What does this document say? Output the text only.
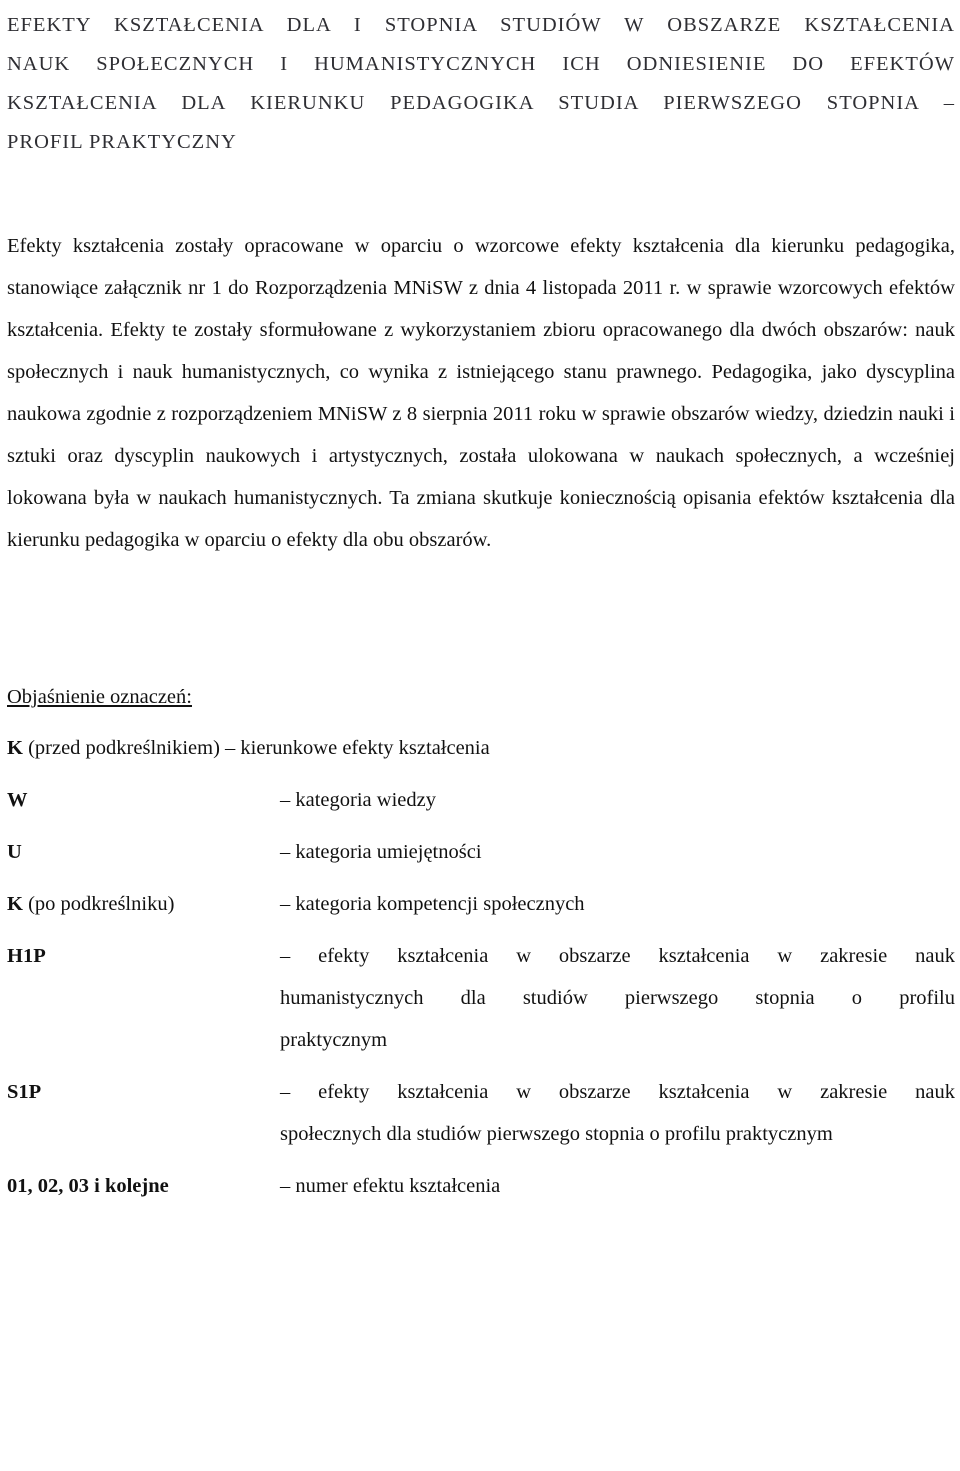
EFEKTY KSZTAŁCENIA DLA I STOPNIA STUDIÓW W OBSZARZE KSZTAŁCENIA
NAUK SPOŁECZNYCH I HUMANISTYCZNYCH ICH ODNIESIENIE DO EFEKTÓW
KSZTAŁCENIA DLA KIERUNKU PEDAGOGIKA STUDIA PIERWSZEGO STOPNIA –
PROFIL PRAKTYCZNY

Efekty kształcenia zostały opracowane w oparciu o wzorcowe efekty kształcenia dla kierunku pedagogika, stanowiące załącznik nr 1 do Rozporządzenia MNiSW z dnia 4 listopada 2011 r. w sprawie wzorcowych efektów kształcenia. Efekty te zostały sformułowane z wykorzystaniem zbioru opracowanego dla dwóch obszarów: nauk społecznych i nauk humanistycznych, co wynika z istniejącego stanu prawnego. Pedagogika, jako dyscyplina naukowa zgodnie z rozporządzeniem MNiSW z 8 sierpnia 2011 roku w sprawie obszarów wiedzy, dziedzin nauki i sztuki oraz dyscyplin naukowych i artystycznych, została ulokowana w naukach społecznych, a wcześniej lokowana była w naukach humanistycznych. Ta zmiana skutkuje koniecznością opisania efektów kształcenia dla kierunku pedagogika w oparciu o efekty dla obu obszarów.

Objaśnienie oznaczeń:
K (przed podkreślnikiem) – kierunkowe efekty kształcenia
W	– kategoria wiedzy
U	– kategoria umiejętności
K (po podkreślniku)	– kategoria kompetencji społecznych
H1P	– efekty kształcenia w obszarze kształcenia w zakresie nauk
humanistycznych dla studiów pierwszego stopnia o profilu
praktycznym
S1P	– efekty kształcenia w obszarze kształcenia w zakresie nauk
społecznych dla studiów pierwszego stopnia o profilu praktycznym
01, 02, 03 i kolejne	– numer efektu kształcenia
